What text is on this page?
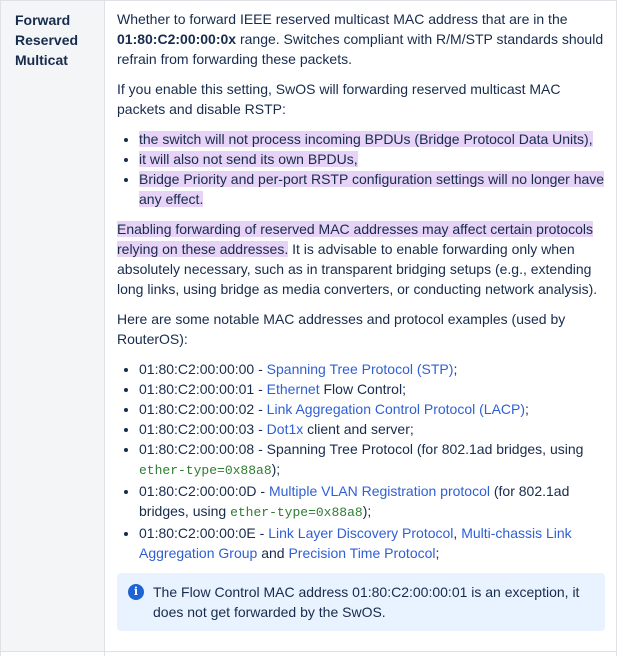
Forward
Reserved
Multicat

Whether to forward IEEE reserved multicast MAC address that are in the 01:80:C2:00:00:0x range. Switches compliant with R/M/STP standards should refrain from forwarding these packets.

If you enable this setting, SwOS will forwarding reserved multicast MAC packets and disable RSTP:

• the switch will not process incoming BPDUs (Bridge Protocol Data Units),
• it will also not send its own BPDUs,
• Bridge Priority and per-port RSTP configuration settings will no longer have any effect.

Enabling forwarding of reserved MAC addresses may affect certain protocols relying on these addresses. It is advisable to enable forwarding only when absolutely necessary, such as in transparent bridging setups (e.g., extending long links, using bridge as media converters, or conducting network analysis).

Here are some notable MAC addresses and protocol examples (used by RouterOS):

• 01:80:C2:00:00:00 - Spanning Tree Protocol (STP);
• 01:80:C2:00:00:01 - Ethernet Flow Control;
• 01:80:C2:00:00:02 - Link Aggregation Control Protocol (LACP);
• 01:80:C2:00:00:03 - Dot1x client and server;
• 01:80:C2:00:00:08 - Spanning Tree Protocol (for 802.1ad bridges, using ether-type=0x88a8);
• 01:80:C2:00:00:0D - Multiple VLAN Registration protocol (for 802.1ad bridges, using ether-type=0x88a8);
• 01:80:C2:00:00:0E - Link Layer Discovery Protocol, Multi-chassis Link Aggregation Group and Precision Time Protocol;
i	The Flow Control MAC address 01:80:C2:00:00:01 is an exception, it does not get forwarded by the SwOS.
